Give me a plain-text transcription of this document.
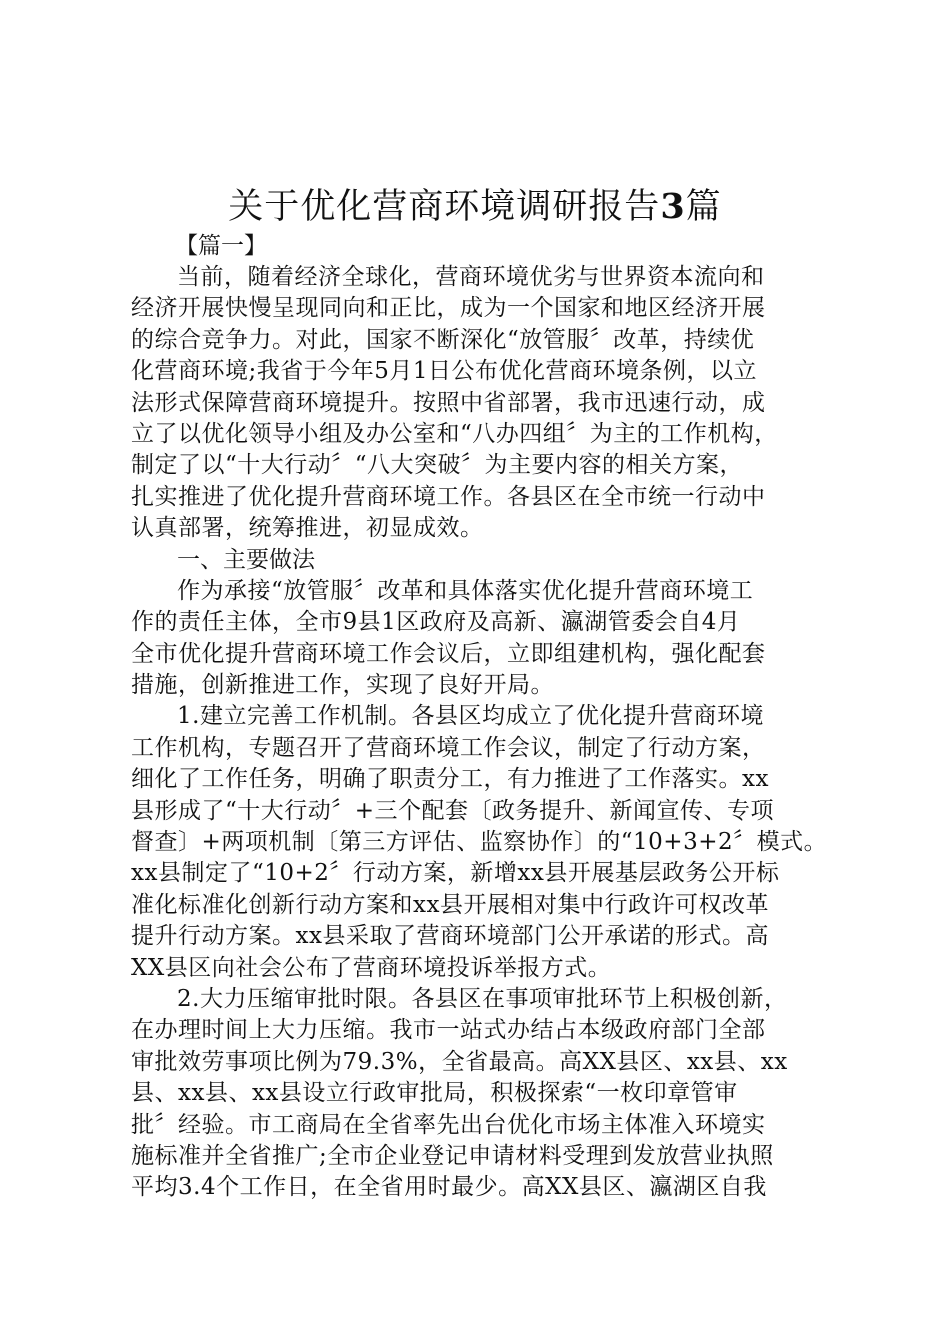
关于优化营商环境调研报告3篇

【篇一】

当前，随着经济全球化，营商环境优劣与世界资本流向和
经济开展快慢呈现同向和正比，成为一个国家和地区经济开展
的综合竞争力。对此，国家不断深化“放管服〞改革，持续优
化营商环境;我省于今年5月1日公布优化营商环境条例，以立
法形式保障营商环境提升。按照中省部署，我市迅速行动，成
立了以优化领导小组及办公室和“八办四组〞为主的工作机构，
制定了以“十大行动〞“八大突破〞为主要内容的相关方案，
扎实推进了优化提升营商环境工作。各县区在全市统一行动中
认真部署，统筹推进，初显成效。

一、主要做法

作为承接“放管服〞改革和具体落实优化提升营商环境工
作的责任主体，全市9县1区政府及高新、瀛湖管委会自4月
全市优化提升营商环境工作会议后，立即组建机构，强化配套
措施，创新推进工作，实现了良好开局。

1.建立完善工作机制。各县区均成立了优化提升营商环境
工作机构，专题召开了营商环境工作会议，制定了行动方案，
细化了工作任务，明确了职责分工，有力推进了工作落实。xx
县形成了“十大行动〞+三个配套〔政务提升、新闻宣传、专项
督查〕+两项机制〔第三方评估、监察协作〕的“10+3+2〞模式。
xx县制定了“10+2〞行动方案，新增xx县开展基层政务公开标
准化标准化创新行动方案和xx县开展相对集中行政许可权改革
提升行动方案。xx县采取了营商环境部门公开承诺的形式。高
XX县区向社会公布了营商环境投诉举报方式。

2.大力压缩审批时限。各县区在事项审批环节上积极创新，
在办理时间上大力压缩。我市一站式办结占本级政府部门全部
审批效劳事项比例为79.3%，全省最高。高XX县区、xx县、xx
县、xx县、xx县设立行政审批局，积极探索“一枚印章管审
批〞经验。市工商局在全省率先出台优化市场主体准入环境实
施标准并全省推广;全市企业登记申请材料受理到发放营业执照
平均3.4个工作日，在全省用时最少。高XX县区、瀛湖区自我
